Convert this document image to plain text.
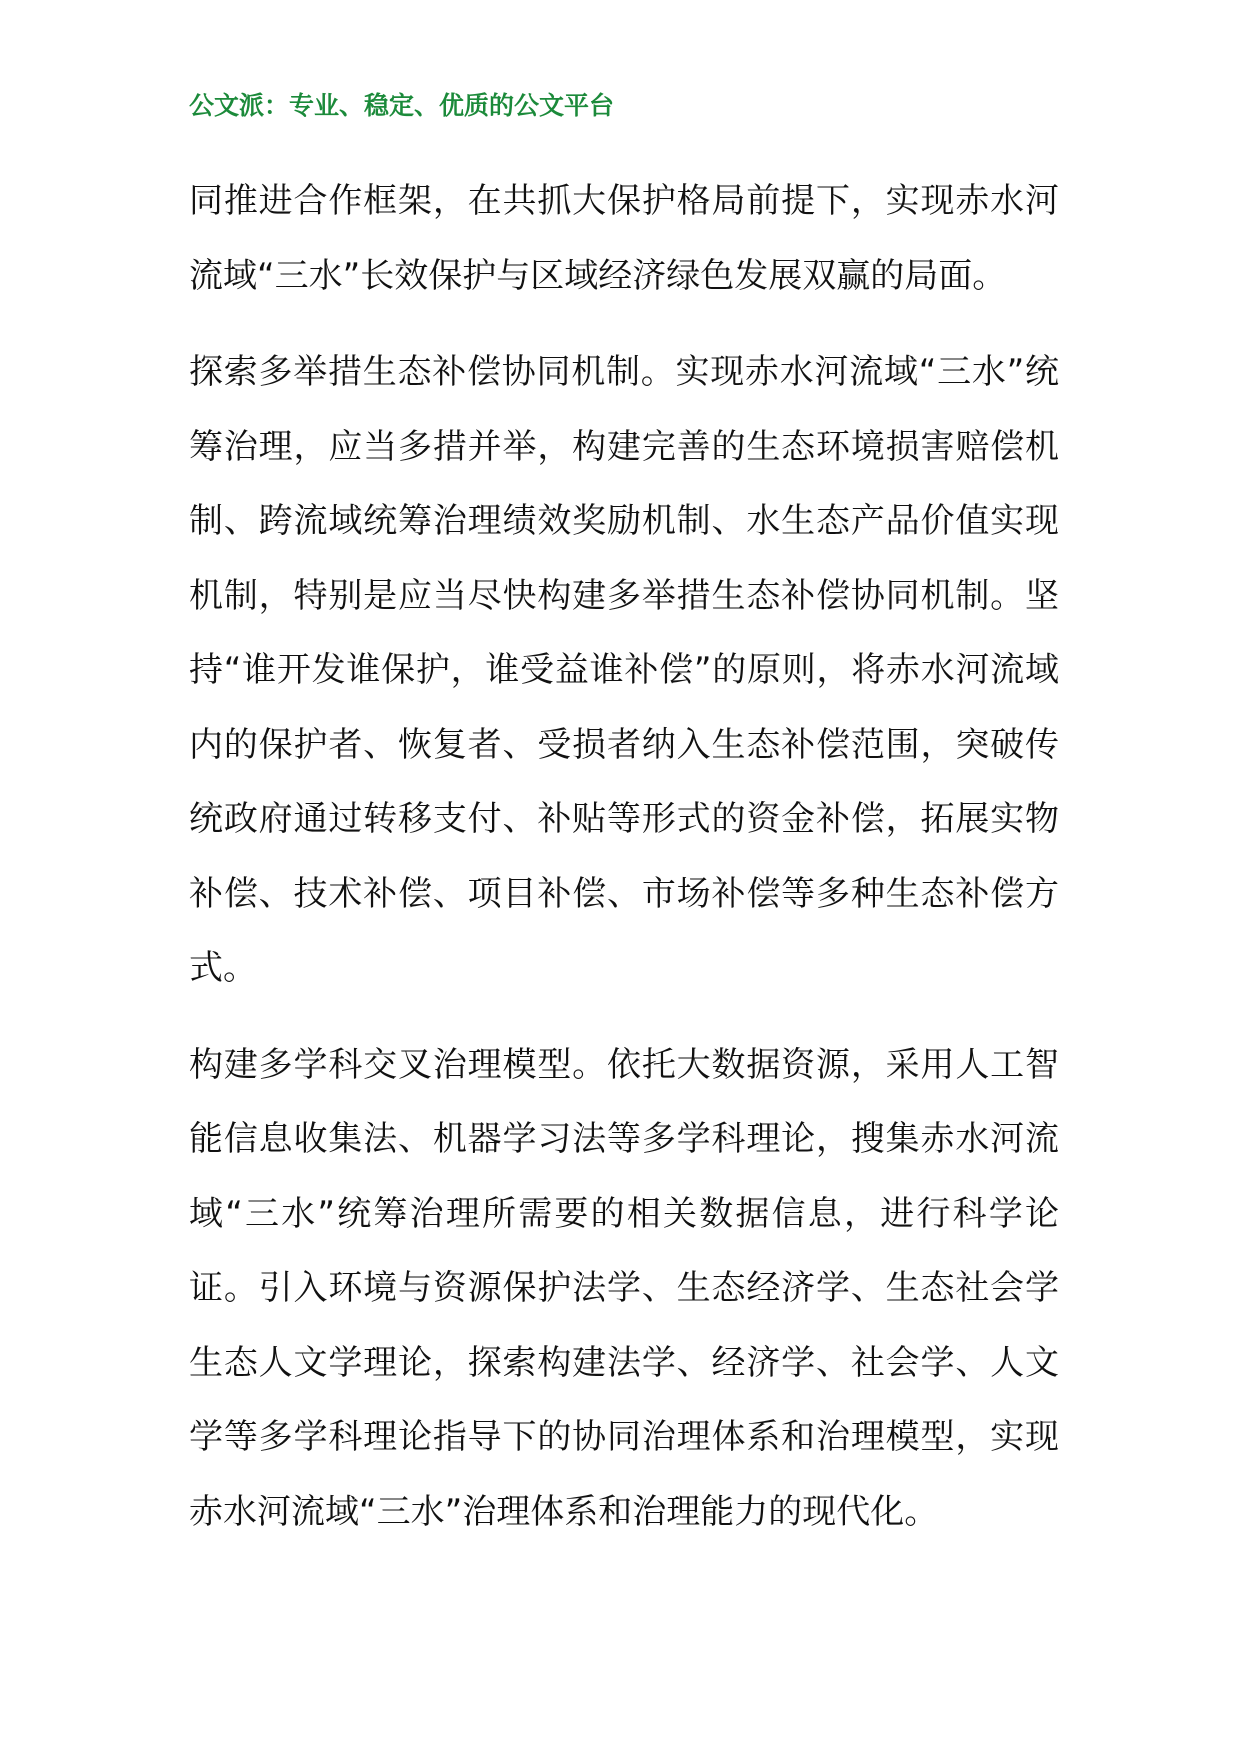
公文派：专业、稳定、优质的公文平台

同推进合作框架，在共抓大保护格局前提下，实现赤水河流域“三水”长效保护与区域经济绿色发展双赢的局面。

探索多举措生态补偿协同机制。实现赤水河流域“三水”统筹治理，应当多措并举，构建完善的生态环境损害赔偿机制、跨流域统筹治理绩效奖励机制、水生态产品价值实现机制，特别是应当尽快构建多举措生态补偿协同机制。坚持“谁开发谁保护，谁受益谁补偿”的原则，将赤水河流域内的保护者、恢复者、受损者纳入生态补偿范围，突破传统政府通过转移支付、补贴等形式的资金补偿，拓展实物补偿、技术补偿、项目补偿、市场补偿等多种生态补偿方式。

构建多学科交叉治理模型。依托大数据资源，采用人工智能信息收集法、机器学习法等多学科理论，搜集赤水河流域“三水”统筹治理所需要的相关数据信息，进行科学论证。引入环境与资源保护法学、生态经济学、生态社会学生态人文学理论，探索构建法学、经济学、社会学、人文学等多学科理论指导下的协同治理体系和治理模型，实现赤水河流域“三水”治理体系和治理能力的现代化。
